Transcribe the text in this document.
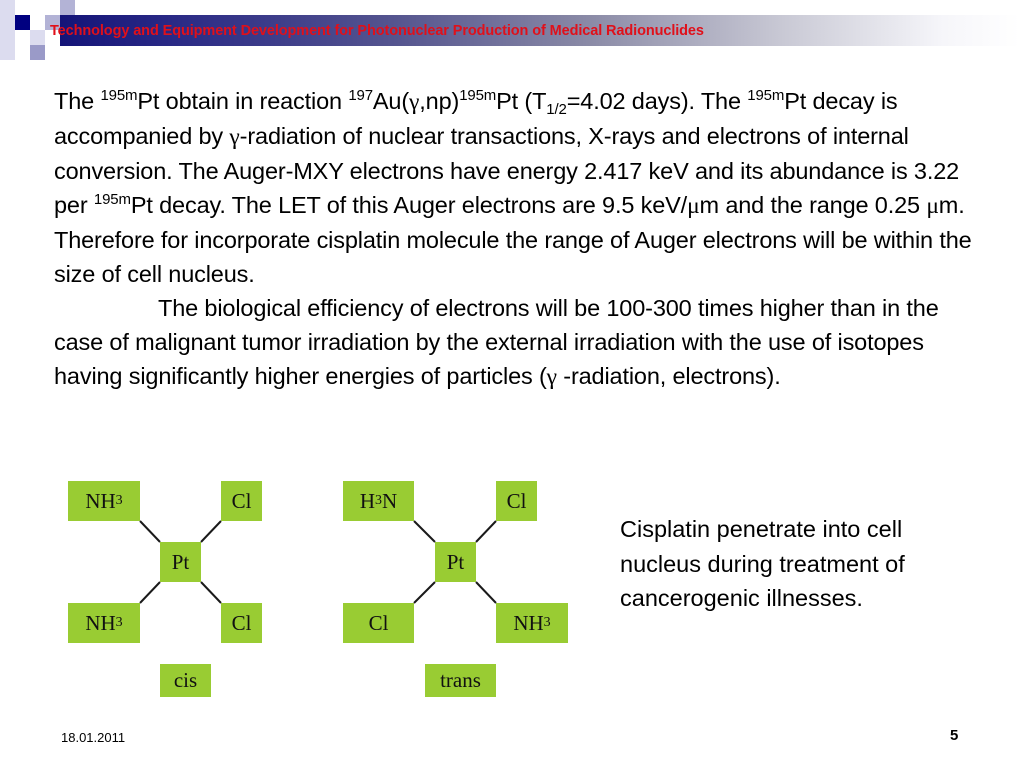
Technology and Equipment Development for Photonuclear Production of Medical Radionuclides

The $^{195m}$Pt obtain in reaction $^{197}Au(\gamma,np)^{195m}Pt$ ($T_{1/2}=4.02$ days). The $^{195m}$Pt decay is accompanied by γ-radiation of nuclear transactions, X-rays and electrons of internal conversion. The Auger-MXY electrons have energy 2.417 keV and its abundance is 3.22 per $^{195m}$Pt decay. The LET of this Auger electrons are 9.5 keV/μm and the range 0.25 μm. Therefore for incorporate cisplatin molecule the range of Auger electrons will be within the size of cell nucleus.

The biological efficiency of electrons will be 100-300 times higher than in the case of malignant tumor irradiation by the external irradiation with the use of isotopes having significantly higher energies of particles (γ -radiation, electrons).

NH 3	Cl
Pt
NH 3	Cl
cis
H 3 N	Cl
Pt
Cl	NH 3
trans
Cisplatin penetrate into cell nucleus during treatment of cancerogenic illnesses.
18.01.2011	5
